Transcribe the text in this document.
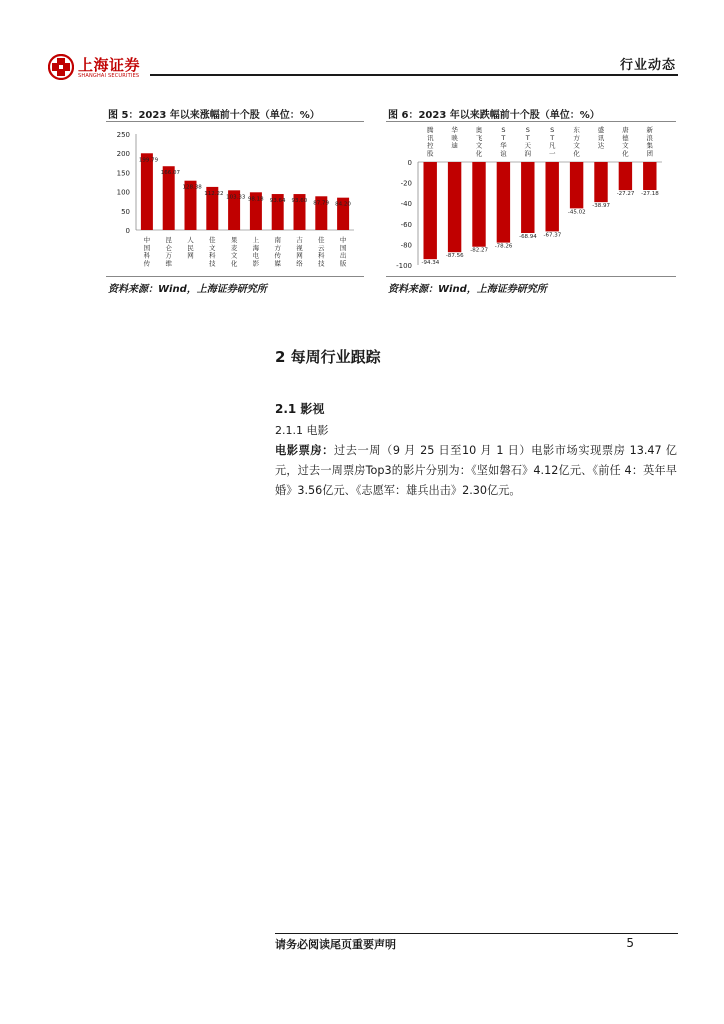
上海证券
SHANGHAI SECURITIES
行业动态
图 5：2023 年以来涨幅前十个股（单位：%）
250
200
150
100
50
0
199.79
中国科传
166.07
昆仑万维
128.38
人民网
112.22
佳文科技
103.33
果麦文化
98.18
上海电影
93.64
南方传媒
93.60
吉视网络
87.79
佳云科技
84.20
中国出版
资料来源：Wind，上海证券研究所
图 6：2023 年以来跌幅前十个股（单位：%）
0
-20
-40
-60
-80
-100 -94.34
腾讯控股
-87.56
华映迪
-82.27
奥飞文化
-78.26
S T 华谊
-68.94
S T 天润
-67.37
S T 凡一
-45.02
东方文化
-38.97
盛讯达
-27.27
唐德文化
-27.18
新浪集团
资料来源：Wind，上海证券研究所
2 每周行业跟踪
2.1 影视
2.1.1 电影
电影票房：过去一周（9 月 25 日至10 月 1 日）电影市场实现票房 13.47 亿元，过去一周票房Top3的影片分别为：《坚如磐石》4.12亿元、《前任 4：英年早婚》3.56亿元、《志愿军：雄兵出击》2.30亿元。
请务必阅读尾页重要声明	5
